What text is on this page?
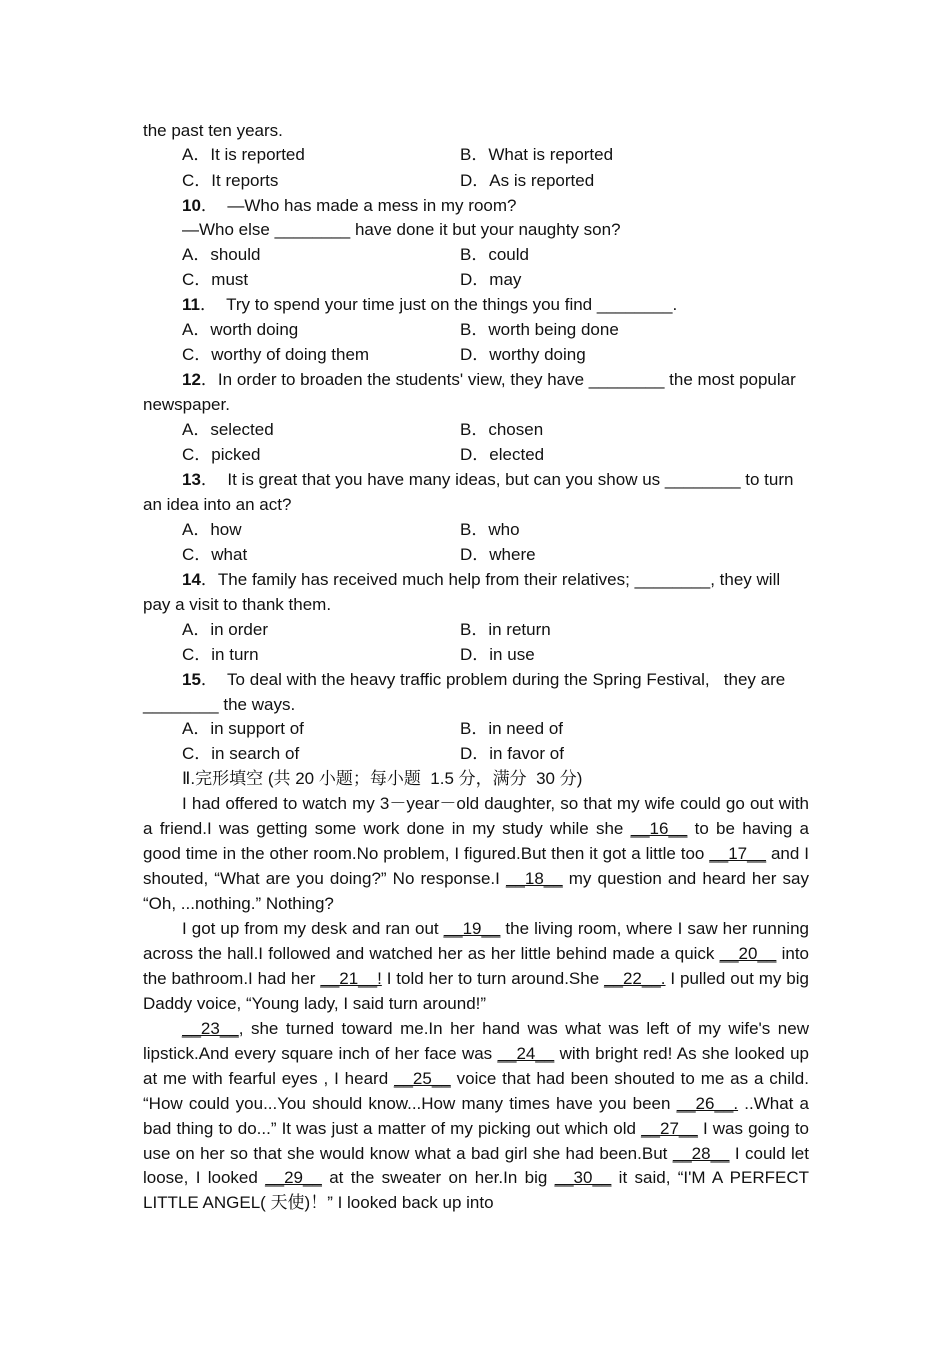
the past ten years.
A．It is reported	B．What is reported
C．It reports	D．As is reported
10．  —Who has made a mess in my room?
—Who else ________ have done it but your naughty son?
A．should	B．could
C．must	D．may
11．  Try to spend your time just on the things you find ________.
A．worth doing	B．worth being done
C．worthy of doing them	D．worthy doing
12．In order to broaden the students' view, they have ________ the most popular
newspaper.
A．selected	B．chosen
C．picked	D．elected
13．  It is great that you have many ideas, but can you show us ________ to turn
an idea into an act?
A．how	B．who
C．what	D．where
14．The family has received much help from their relatives; ________, they will
pay a visit to thank them.
A．in order	B．in return
C．in turn	D．in use
15．  To deal with the heavy traffic problem during the Spring Festival,   they are
________ the ways.
A．in support of	B．in need of
C．in search of	D．in favor of
Ⅱ.完形填空 (共 20 小题；每小题  1.5 分，满分  30 分)
I had offered to watch my 3－year－old daughter, so that my wife could go out with a friend.I was getting some work done in my study while she __16__ to be having a good time in the other room.No problem, I figured.But then it got a little too __17__ and I shouted, “What are you doing?” No response.I __18__ my question and heard her say “Oh, ...nothing.” Nothing?
I got up from my desk and ran out __19__ the living room, where I saw her running across the hall.I followed and watched her as her little behind made a quick __20__ into the bathroom.I had her __21__! I told her to turn around.She __22__. I pulled out my big Daddy voice, “Young lady, I said turn around!”
__23__, she turned toward me.In her hand was what was left of my wife's new lipstick.And every square inch of her face was __24__ with bright red! As she looked up at me with fearful eyes , I heard __25__ voice that had been shouted to me as a child. “How could you...You should know...How many times have you been __26__. ..What a bad thing to do...” It was just a matter of my picking out which old __27__ I was going to use on her so that she would know what a bad girl she had been.But __28__ I could let loose, I looked __29__ at the sweater on her.In big __30__ it said, “I'M A PERFECT LITTLE ANGEL( 天使)！” I looked back up into
